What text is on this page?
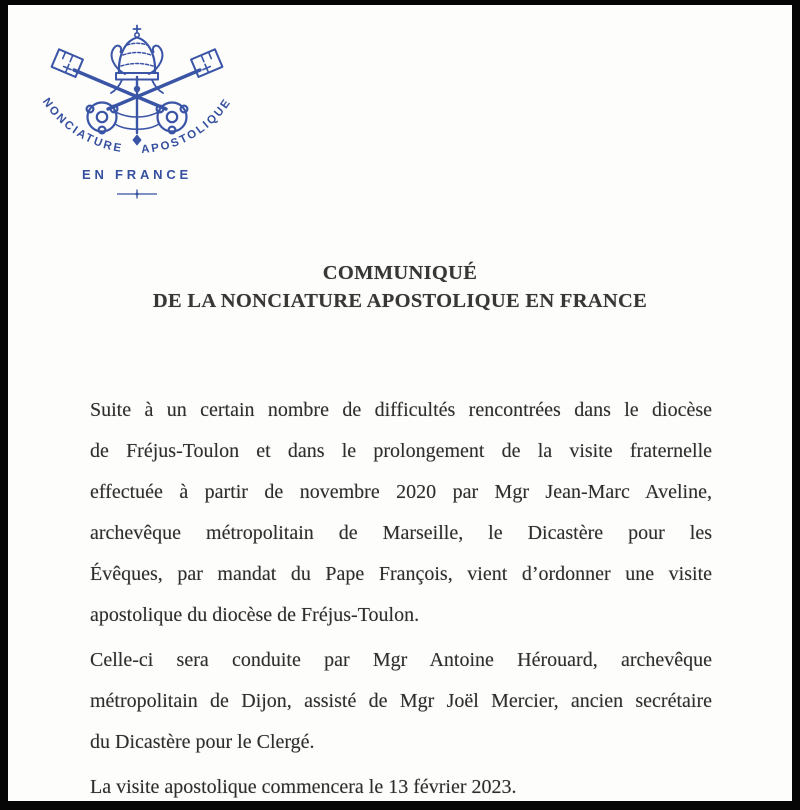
NONCIATURE APOSTOLIQUE
EN FRANCE
COMMUNIQUÉ
DE LA NONCIATURE APOSTOLIQUE EN FRANCE
Suite à un certain nombre de difficultés rencontrées dans le diocèse
de Fréjus-Toulon et dans le prolongement de la visite fraternelle
effectuée à partir de novembre 2020 par Mgr Jean-Marc Aveline,
archevêque métropolitain de Marseille, le Dicastère pour les
Évêques, par mandat du Pape François, vient d’ordonner une visite
apostolique du diocèse de Fréjus-Toulon.
Celle-ci sera conduite par Mgr Antoine Hérouard, archevêque
métropolitain de Dijon, assisté de Mgr Joël Mercier, ancien secrétaire
du Dicastère pour le Clergé.
La visite apostolique commencera le 13 février 2023.
